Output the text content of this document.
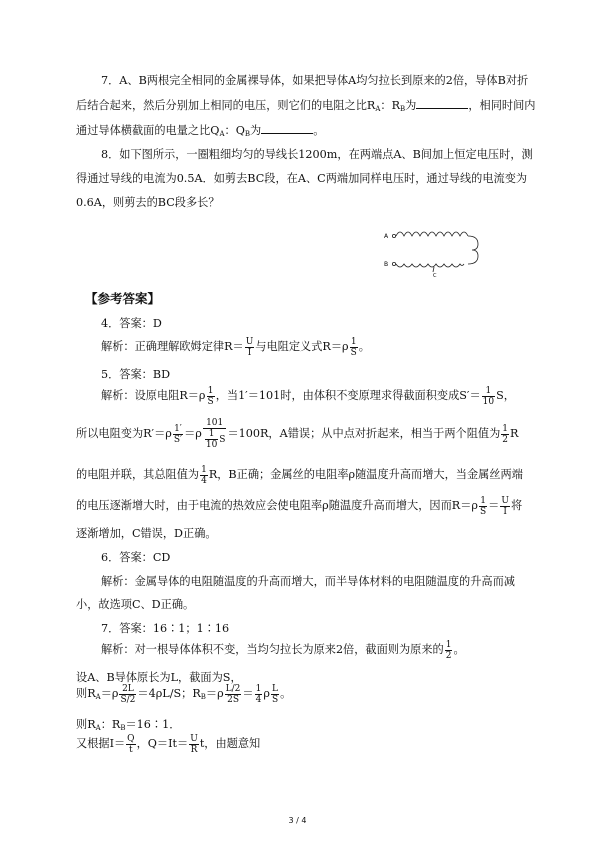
7．A、B两根完全相同的金属裸导体，如果把导体A均匀拉长到原来的2倍，导体B对折
后结合起来，然后分别加上相同的电压，则它们的电阻之比$R_A$：$R_B$为	，相同时间内
通过导体横截面的电量之比$Q_A$：$Q_B$为	。
8．如下图所示，一圈粗细均匀的导线长1200m，在两端点A、B间加上恒定电压时，测
得通过导线的电流为0.5A．如剪去BC段，在A、C两端加同样电压时，通过导线的电流变为
0.6A，则剪去的BC段多长？
A
B
C
【参考答案】
4．答案：D
解析：正确理解欧姆定律$R= \frac{U}{I}$ 与电阻定义式$R=\rho \frac{1}{S}$ 。
5．答案：BD
解析：设原电阻$R=\rho \frac{1}{S}$ ，当1′＝101时，由体积不变原理求得截面积变成$S'= \frac{1}{10}$ S，
所以电阻变为$R'=\rho \frac{1'}{S'} =\rho \frac{101}{\frac{1}{10} S} =100R$，A错误；从中点对折起来，相当于两个阻值为 $\frac{1}{2}$ R
的电阻并联，其总阻值为 $\frac{1}{4}$ R，B正确；金属丝的电阻率ρ随温度升高而增大，当金属丝两端
的电压逐渐增大时，由于电流的热效应会使电阻率ρ随温度升高而增大，因而$R=\rho \frac{1}{S} = \frac{U}{I}$ 将
逐渐增加，C错误，D正确。
6．答案：CD
解析：金属导体的电阻随温度的升高而增大，而半导体材料的电阻随温度的升高而减
小，故选项C、D正确。
7．答案：16∶1；1∶16
解析：对一根导体体积不变，当均匀拉长为原来2倍，截面则为原来的 $\frac{1}{2}$ 。
设A、B导体原长为L，截面为S，
则$R_A=\rho \frac{2L}{S/2} =4\rho L/S$；$R_B=\rho \frac{L/2}{2S} = \frac{1}{4}$ ρ $\frac{L}{S}$ 。
则$R_A$：$R_B=16∶1$．
又根据$I= \frac{Q}{t}$ ，$Q=It= \frac{U}{R}$ t，由题意知
3 / 4
